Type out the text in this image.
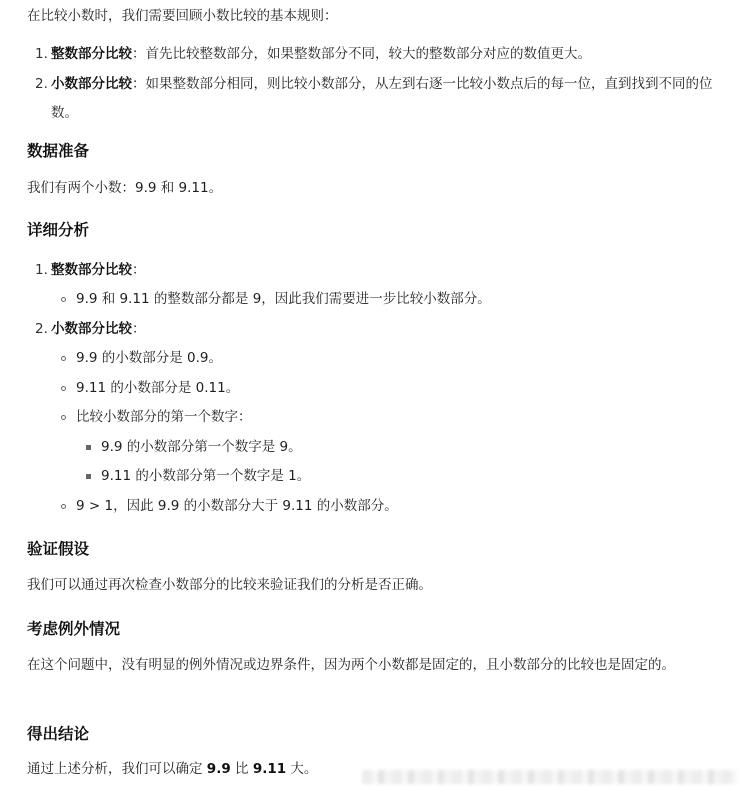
在比较小数时，我们需要回顾小数比较的基本规则：

1. 整数部分比较：首先比较整数部分，如果整数部分不同，较大的整数部分对应的数值更大。
2. 小数部分比较：如果整数部分相同，则比较小数部分，从左到右逐一比较小数点后的每一位，直到找到不同的位数。
数据准备

我们有两个小数：9.9 和 9.11。

详细分析
1. 整数部分比较：
9.9 和 9.11 的整数部分都是 9，因此我们需要进一步比较小数部分。
2. 小数部分比较：
9.9 的小数部分是 0.9。
9.11 的小数部分是 0.11。
比较小数部分的第一个数字：
9.9 的小数部分第一个数字是 9。
9.11 的小数部分第一个数字是 1。
9 > 1，因此 9.9 的小数部分大于 9.11 的小数部分。
验证假设

我们可以通过再次检查小数部分的比较来验证我们的分析是否正确。

考虑例外情况

在这个问题中，没有明显的例外情况或边界条件，因为两个小数都是固定的，且小数部分的比较也是固定的。

得出结论

通过上述分析，我们可以确定 9.9 比 9.11 大。
